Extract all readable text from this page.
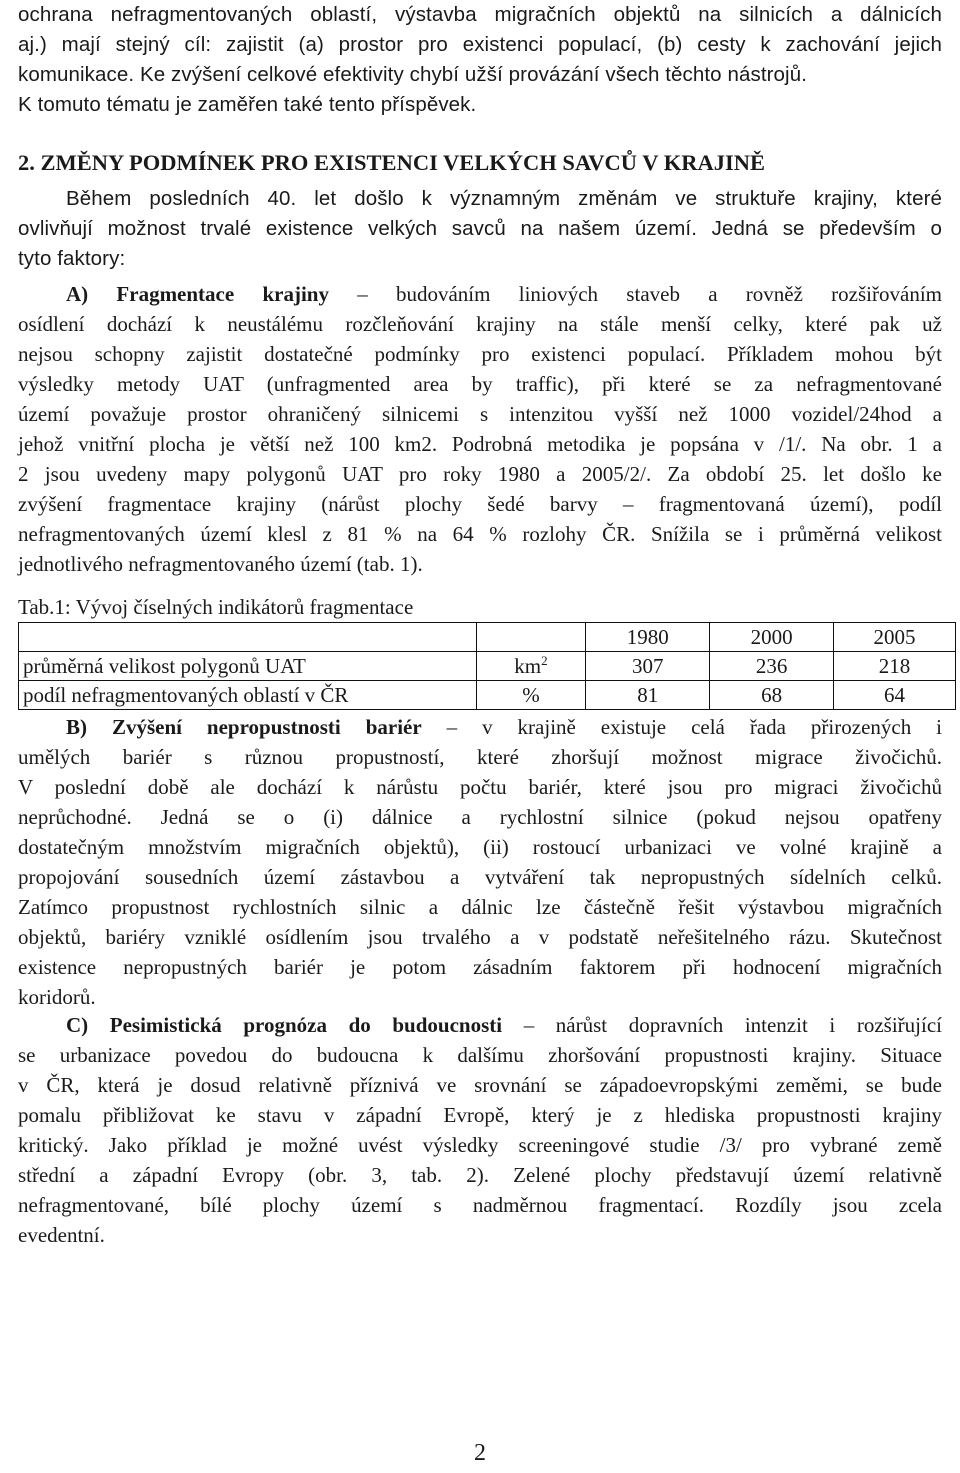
ochrana nefragmentovaných oblastí, výstavba migračních objektů na silnicích a dálnicích

aj.) mají stejný cíl: zajistit (a) prostor pro existenci populací, (b) cesty k zachování jejich

komunikace. Ke zvýšení celkové efektivity chybí užší provázání všech těchto nástrojů.

K tomuto tématu je zaměřen také tento příspěvek.

2. ZMĚNY PODMÍNEK PRO EXISTENCI VELKÝCH SAVCŮ V KRAJINĚ

Během posledních 40. let došlo k významným změnám ve struktuře krajiny, které

ovlivňují možnost trvalé existence velkých savců na našem území. Jedná se především o

tyto faktory:

A) Fragmentace krajiny – budováním liniových staveb a rovněž rozšiřováním

osídlení dochází k neustálému rozčleňování krajiny na stále menší celky, které pak už

nejsou schopny zajistit dostatečné podmínky pro existenci populací. Příkladem mohou být

výsledky metody UAT (unfragmented area by traffic), při které se za nefragmentované

území považuje prostor ohraničený silnicemi s intenzitou vyšší než 1000 vozidel/24hod a

jehož vnitřní plocha je větší než 100 km2. Podrobná metodika je popsána v /1/. Na obr. 1 a

2 jsou uvedeny mapy polygonů UAT pro roky 1980 a 2005/2/. Za období 25. let došlo ke

zvýšení fragmentace krajiny (nárůst plochy šedé barvy – fragmentovaná území), podíl

nefragmentovaných území klesl z 81 % na 64 % rozlohy ČR. Snížila se i průměrná velikost

jednotlivého nefragmentovaného území (tab. 1).

Tab.1: Vývoj číselných indikátorů fragmentace

		1980	2000	2005
průměrná velikost polygonů UAT	$km^2$	307	236	218
podíl nefragmentovaných oblastí v ČR	%	81	68	64

B) Zvýšení nepropustnosti bariér – v krajině existuje celá řada přirozených i

umělých bariér s různou propustností, které zhoršují možnost migrace živočichů.

V poslední době ale dochází k nárůstu počtu bariér, které jsou pro migraci živočichů

neprůchodné. Jedná se o (i) dálnice a rychlostní silnice (pokud nejsou opatřeny

dostatečným množstvím migračních objektů), (ii) rostoucí urbanizaci ve volné krajině a

propojování sousedních území zástavbou a vytváření tak nepropustných sídelních celků.

Zatímco propustnost rychlostních silnic a dálnic lze částečně řešit výstavbou migračních

objektů, bariéry vzniklé osídlením jsou trvalého a v podstatě neřešitelného rázu. Skutečnost

existence nepropustných bariér je potom zásadním faktorem při hodnocení migračních

koridorů.

C) Pesimistická prognóza do budoucnosti – nárůst dopravních intenzit i rozšiřující

se urbanizace povedou do budoucna k dalšímu zhoršování propustnosti krajiny. Situace

v ČR, která je dosud relativně příznivá ve srovnání se západoevropskými zeměmi, se bude

pomalu přibližovat ke stavu v západní Evropě, který je z hlediska propustnosti krajiny

kritický. Jako příklad je možné uvést výsledky screeningové studie /3/ pro vybrané země

střední a západní Evropy (obr. 3, tab. 2). Zelené plochy představují území relativně

nefragmentované, bílé plochy území s nadměrnou fragmentací. Rozdíly jsou zcela

evedentní.

2
